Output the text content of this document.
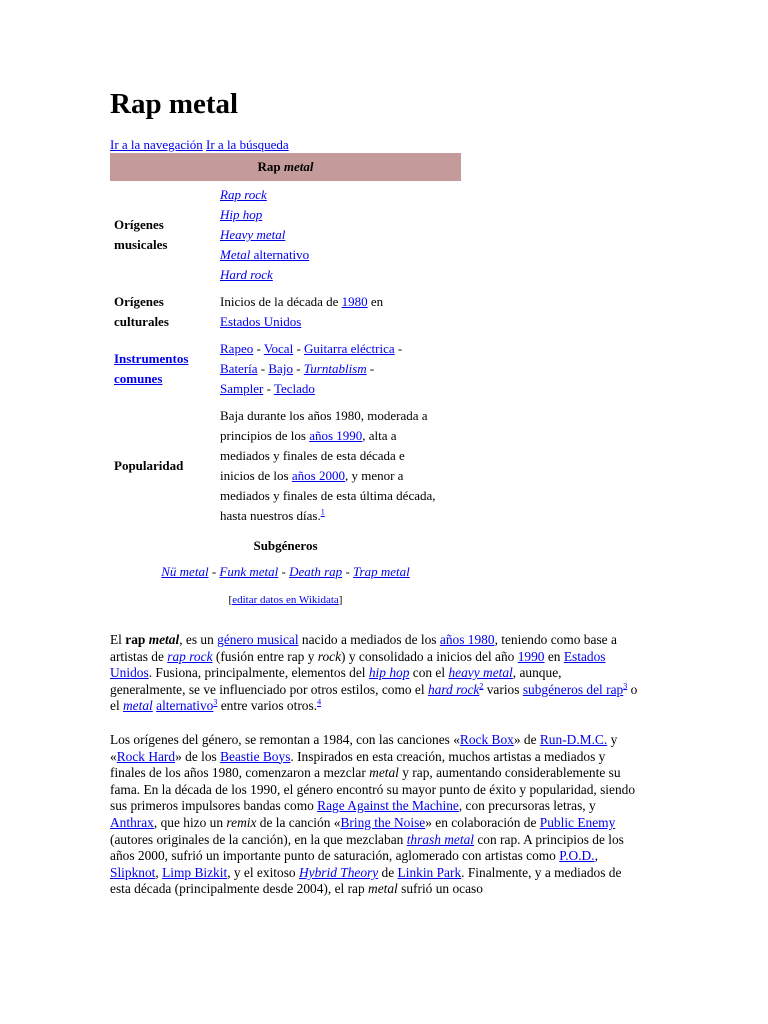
Rap metal
Ir a la navegación Ir a la búsqueda
Rap metal
Orígenes musicales
Rap rock
Hip hop
Heavy metal
Metal alternativo
Hard rock
Orígenes culturales
Inicios de la década de 1980 en
Estados Unidos
Instrumentos comunes
Rapeo - Vocal - Guitarra eléctrica -
Batería - Bajo - Turntablism -
Sampler - Teclado
Popularidad
Baja durante los años 1980, moderada a principios de los años 1990, alta a mediados y finales de esta década e inicios de los años 2000, y menor a mediados y finales de esta última década, hasta nuestros días.$^1$
Subgéneros
Nü metal - Funk metal - Death rap - Trap metal
[editar datos en Wikidata]

El rap metal, es un género musical nacido a mediados de los años 1980, teniendo como base a artistas de rap rock (fusión entre rap y rock) y consolidado a inicios del año 1990 en Estados Unidos. Fusiona, principalmente, elementos del hip hop con el heavy metal, aunque, generalmente, se ve influenciado por otros estilos, como el hard rock$^2$ varios subgéneros del rap$^3$ o el metal alternativo$^3$ entre varios otros.$^4$

Los orígenes del género, se remontan a 1984, con las canciones «Rock Box» de Run-D.M.C. y «Rock Hard» de los Beastie Boys. Inspirados en esta creación, muchos artistas a mediados y finales de los años 1980, comenzaron a mezclar metal y rap, aumentando considerablemente su fama. En la década de los 1990, el género encontró su mayor punto de éxito y popularidad, siendo sus primeros impulsores bandas como Rage Against the Machine, con precursoras letras, y Anthrax, que hizo un remix de la canción «Bring the Noise» en colaboración de Public Enemy (autores originales de la canción), en la que mezclaban thrash metal con rap. A principios de los años 2000, sufrió un importante punto de saturación, aglomerado con artistas como P.O.D., Slipknot, Limp Bizkit, y el exitoso Hybrid Theory de Linkin Park. Finalmente, y a mediados de esta década (principalmente desde 2004), el rap metal sufrió un ocaso
